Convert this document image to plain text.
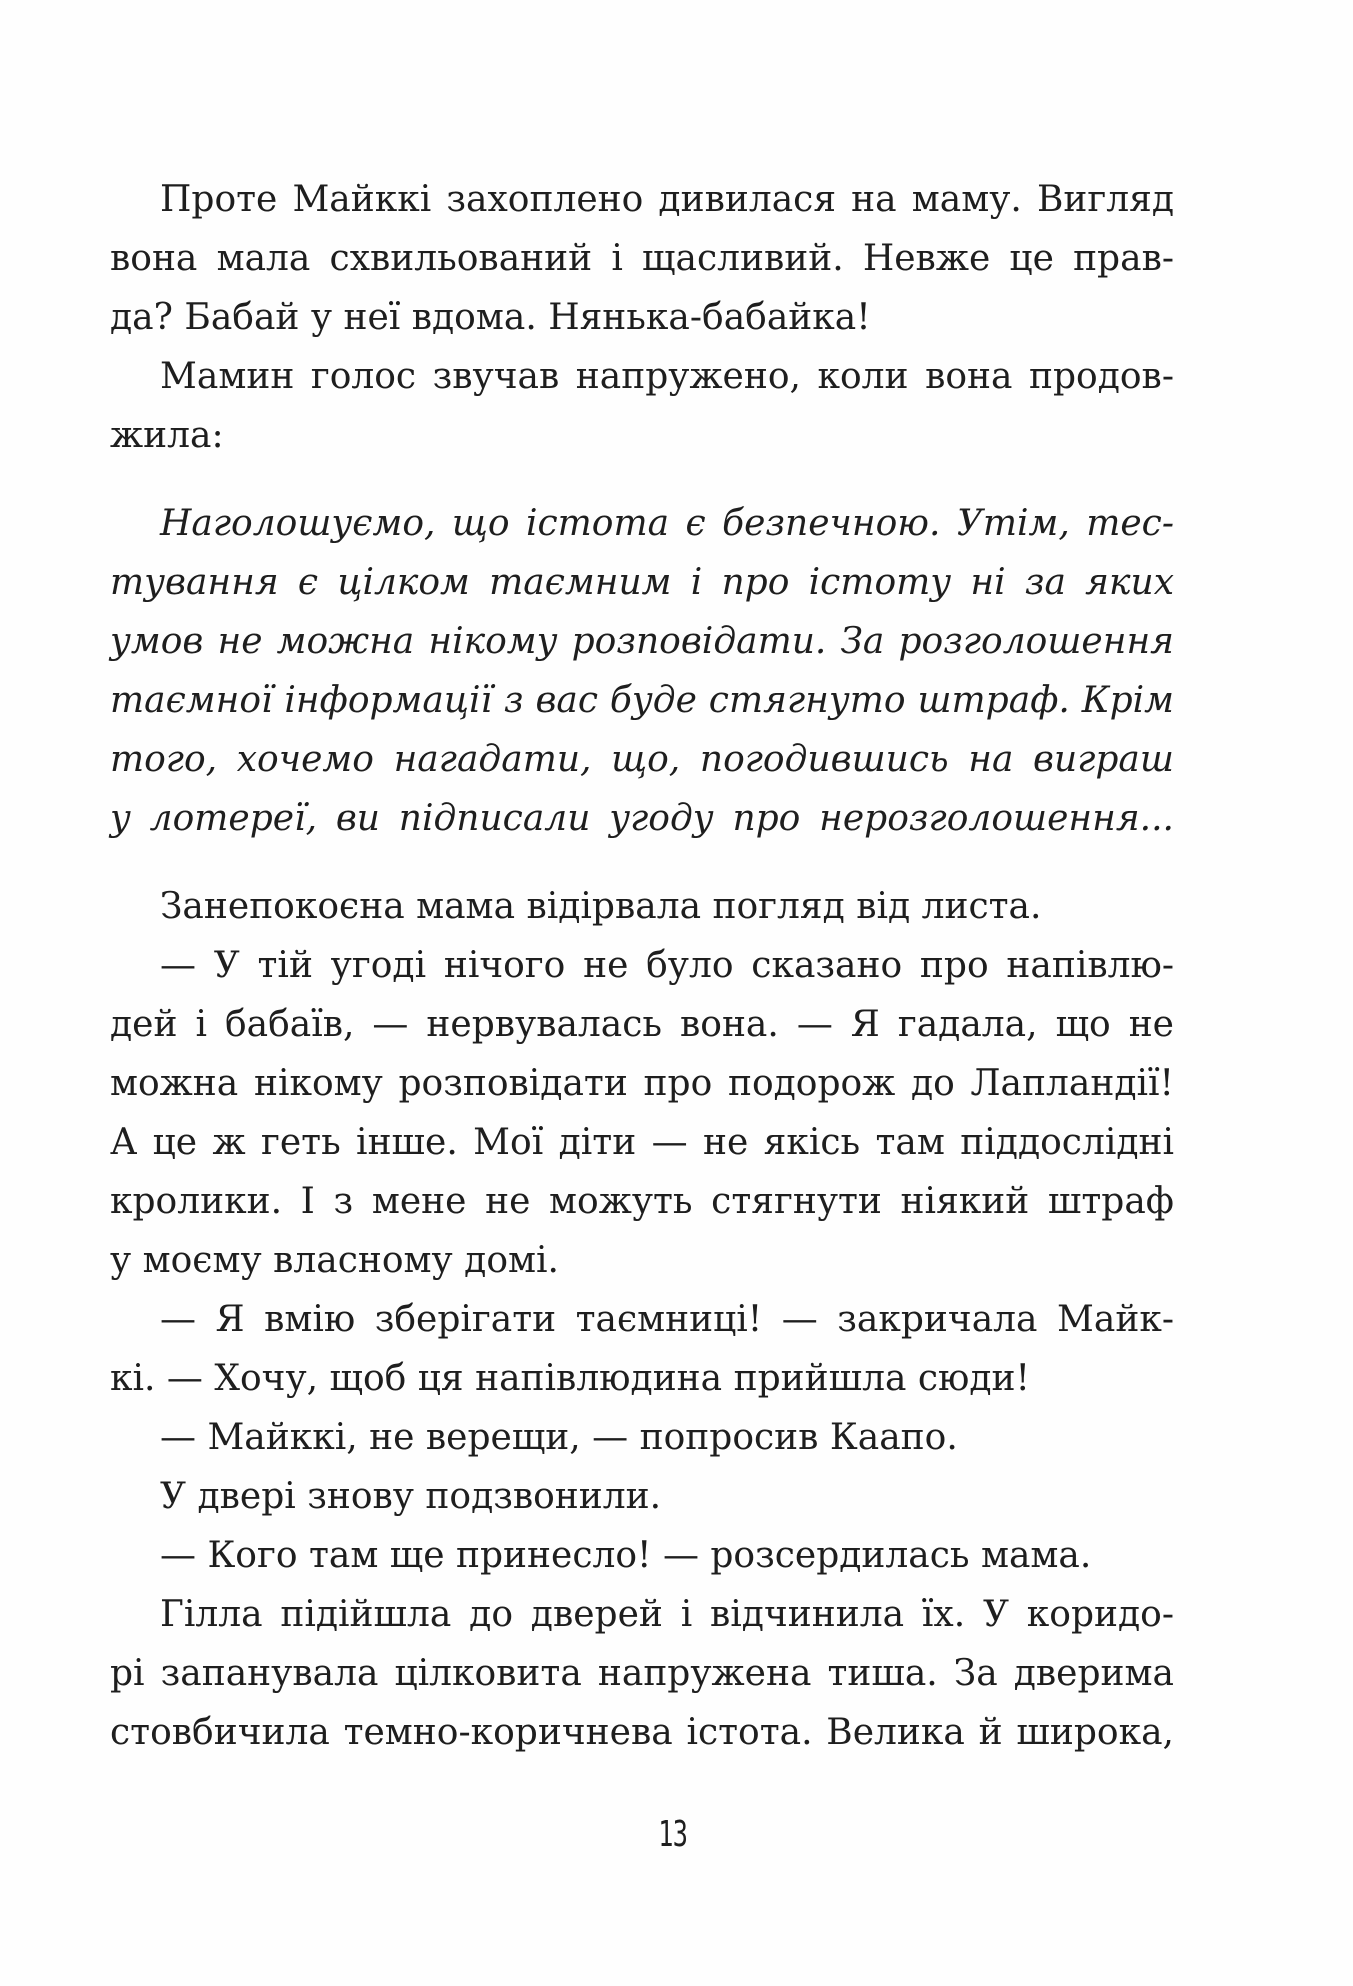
Проте Майккі захоплено дивилася на маму. Вигляд
вона мала схвильований і щасливий. Невже це прав-
да? Бабай у неї вдома. Нянька-бабайка!
Мамин голос звучав напружено, коли вона продов-
жила:
Наголошуємо, що істота є безпечною. Утім, тес-
тування є цілком таємним і про істоту ні за яких
умов не можна нікому розповідати. За розголошення
таємної інформації з вас буде стягнуто штраф. Крім
того, хочемо нагадати, що, погодившись на виграш
у лотереї, ви підписали угоду про нерозголошення...
Занепокоєна мама відірвала погляд від листа.
— У тій угоді нічого не було сказано про напівлю-
дей і бабаїв, — нервувалась вона. — Я гадала, що не
можна нікому розповідати про подорож до Лапландії!
А це ж геть інше. Мої діти — не якісь там піддослідні
кролики. І з мене не можуть стягнути ніякий штраф
у моєму власному домі.
— Я вмію зберігати таємниці! — закричала Майк-
кі. — Хочу, щоб ця напівлюдина прийшла сюди!
— Майккі, не верещи, — попросив Каапо.
У двері знову подзвонили.
— Кого там ще принесло! — розсердилась мама.
Гілла підійшла до дверей і відчинила їх. У коридо-
рі запанувала цілковита напружена тиша. За дверима
стовбичила темно-коричнева істота. Велика й широка,
13
